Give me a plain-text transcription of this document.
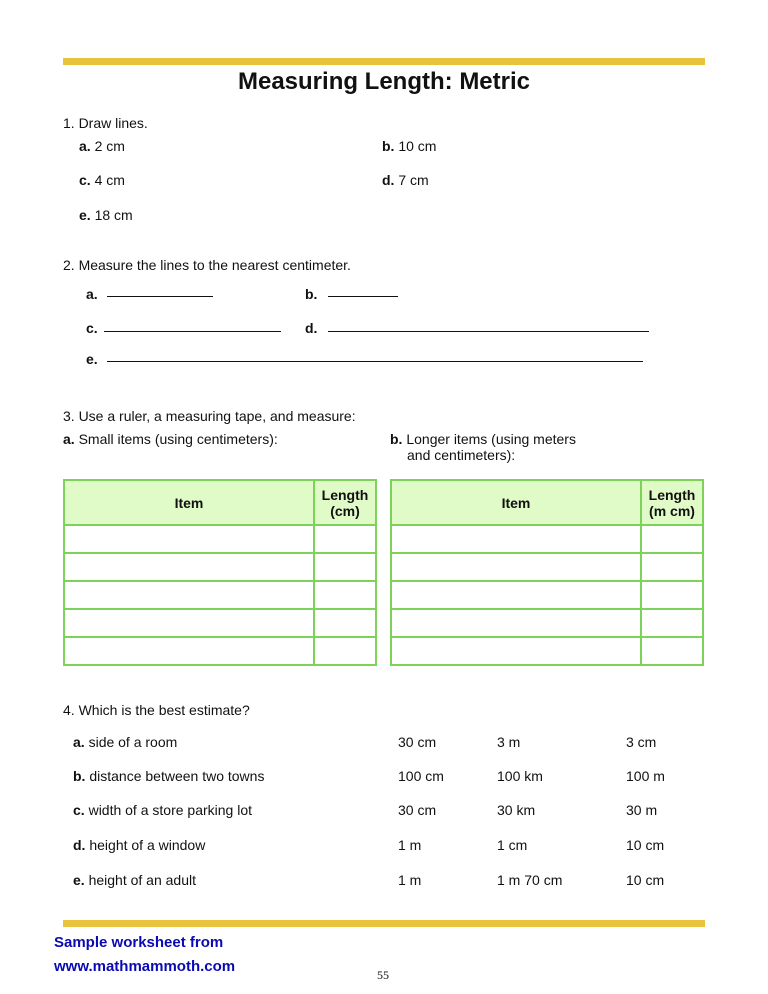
Measuring Length: Metric
1. Draw lines.
a. 2 cm	b. 10 cm
c. 4 cm	d. 7 cm
e. 18 cm
2. Measure the lines to the nearest centimeter.
a.	b.
c.	d.
e.
3. Use a ruler, a measuring tape, and measure:
a. Small items (using centimeters):	b. Longer items (using meters
and centimeters):
Item	Length
(cm)

		Item	Length
(m cm)

4. Which is the best estimate?
a. side of a room	30 cm	3 m	3 cm
b. distance between two towns	100 cm	100 km	100 m
c. width of a store parking lot	30 cm	30 km	30 m
d. height of a window	1 m	1 cm	10 cm
e. height of an adult	1 m	1 m 70 cm	10 cm
Sample worksheet from
www.mathmammoth.com	55
